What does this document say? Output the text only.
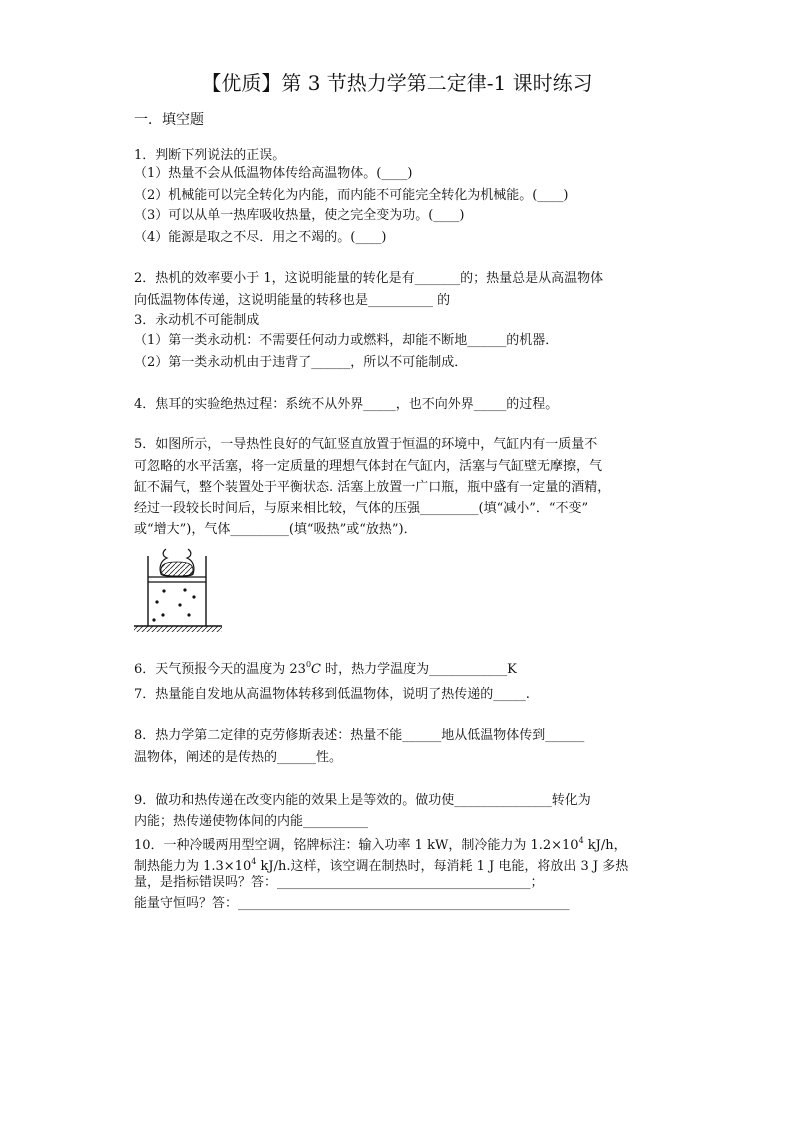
【优质】第 3 节热力学第二定律-1 课时练习
一．填空题
1．判断下列说法的正误。
（1）热量不会从低温物体传给高温物体。(____)
（2）机械能可以完全转化为内能，而内能不可能完全转化为机械能。(____)
（3）可以从单一热库吸收热量，使之完全变为功。(____)
（4）能源是取之不尽．用之不竭的。(____)
2．热机的效率要小于 1，这说明能量的转化是有_______的；热量总是从高温物体
向低温物体传递，这说明能量的转移也是__________ 的
3．永动机不可能制成
（1）第一类永动机：不需要任何动力或燃料，却能不断地______的机器．
（2）第一类永动机由于违背了______，所以不可能制成．
4．焦耳的实验绝热过程：系统不从外界_____，也不向外界_____的过程。
5．如图所示，一导热性良好的气缸竖直放置于恒温的环境中，气缸内有一质量不
可忽略的水平活塞，将一定质量的理想气体封在气缸内，活塞与气缸壁无摩擦，气
缸不漏气，整个装置处于平衡状态. 活塞上放置一广口瓶，瓶中盛有一定量的酒精，
经过一段较长时间后，与原来相比较，气体的压强_________(填“减小”．“不变”
或“增大”)，气体_________(填“吸热”或“放热”)．
6．天气预报今天的温度为 $23^0C$ 时，热力学温度为____________K
7．热量能自发地从高温物体转移到低温物体，说明了热传递的_____.
8．热力学第二定律的克劳修斯表述：热量不能______地从低温物体传到______
温物体，阐述的是传热的______性。
9．做功和热传递在改变内能的效果上是等效的。做功使_______________转化为
内能；热传递使物体间的内能__________
10．一种冷暖两用型空调，铭牌标注：输入功率 1 kW，制冷能力为 $1.2\times 10^4$ kJ/h，
制热能力为 $1.3\times 10^4$ kJ/h.这样，该空调在制热时，每消耗 1 J 电能，将放出 3 J 多热
量，是指标错误吗？答：_______________________________________；
能量守恒吗？答：___________________________________________________
